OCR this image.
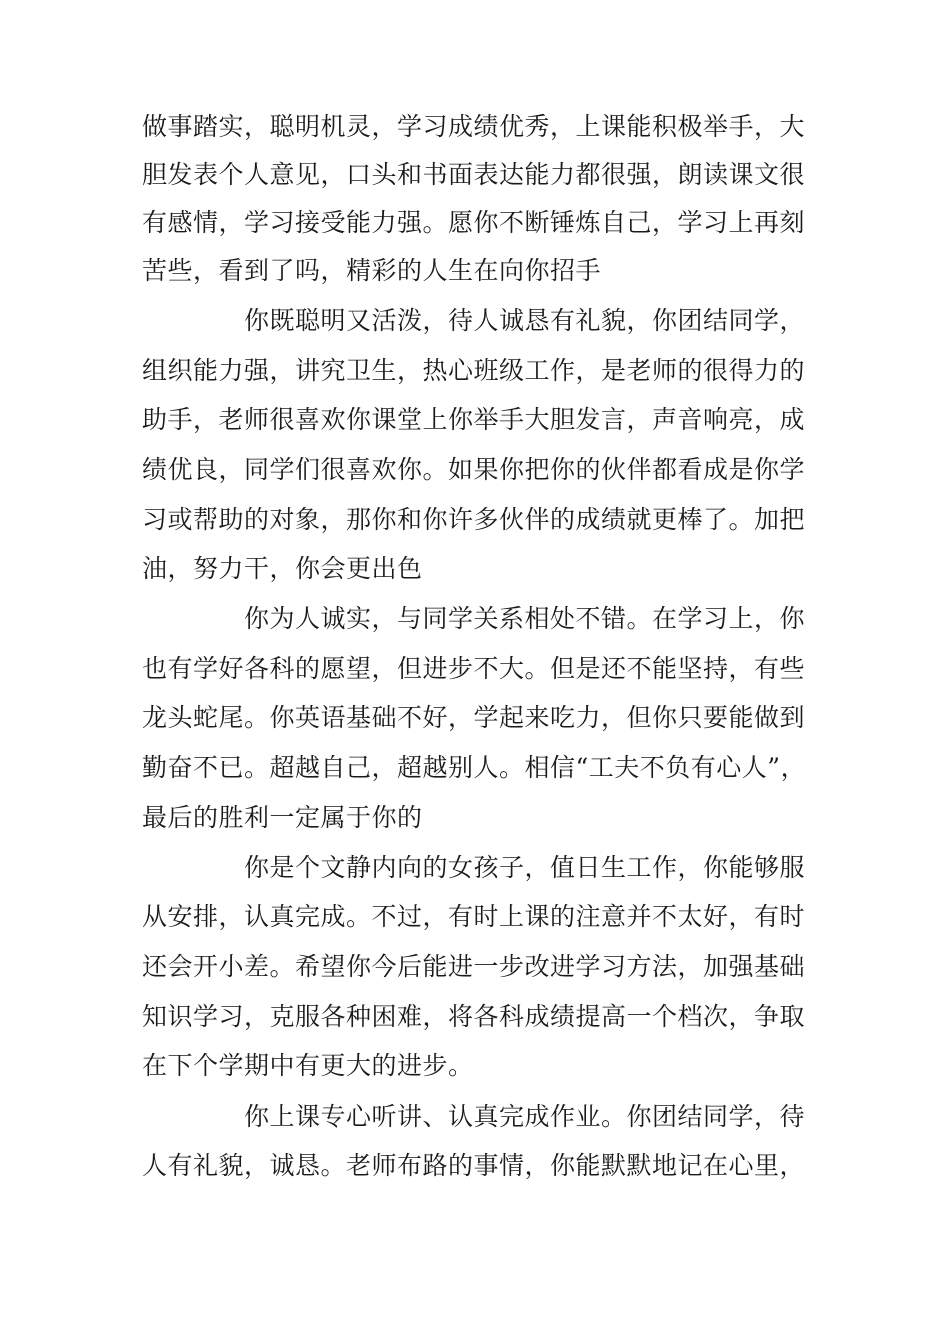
做事踏实，聪明机灵，学习成绩优秀，上课能积极举手，大
胆发表个人意见，口头和书面表达能力都很强，朗读课文很
有感情，学习接受能力强。愿你不断锤炼自己，学习上再刻
苦些，看到了吗，精彩的人生在向你招手
你既聪明又活泼，待人诚恳有礼貌，你团结同学，
组织能力强，讲究卫生，热心班级工作，是老师的很得力的
助手，老师很喜欢你课堂上你举手大胆发言，声音响亮，成
绩优良，同学们很喜欢你。如果你把你的伙伴都看成是你学
习或帮助的对象，那你和你许多伙伴的成绩就更棒了。加把
油，努力干，你会更出色
你为人诚实，与同学关系相处不错。在学习上，你
也有学好各科的愿望，但进步不大。但是还不能坚持，有些
龙头蛇尾。你英语基础不好，学起来吃力，但你只要能做到
勤奋不已。超越自己，超越别人。相信“工夫不负有心人”，
最后的胜利一定属于你的
你是个文静内向的女孩子，值日生工作，你能够服
从安排，认真完成。不过，有时上课的注意并不太好，有时
还会开小差。希望你今后能进一步改进学习方法，加强基础
知识学习，克服各种困难，将各科成绩提高一个档次，争取
在下个学期中有更大的进步。
你上课专心听讲、认真完成作业。你团结同学，待
人有礼貌，诚恳。老师布路的事情，你能默默地记在心里，
